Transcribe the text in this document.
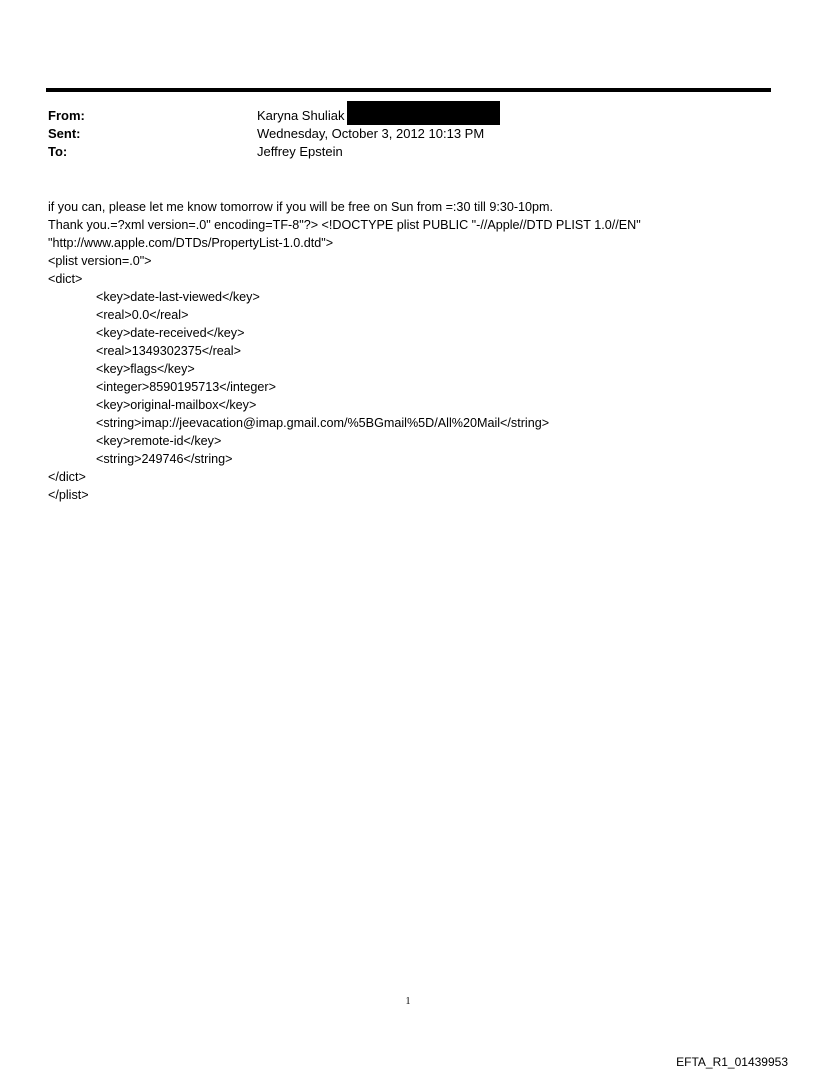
From:	Karyna Shuliak
Sent:	Wednesday, October 3, 2012 10:13 PM
To:	Jeffrey Epstein
if you can, please let me know tomorrow if you will be free on Sun from =:30 till 9:30-10pm.
Thank you.=?xml version=.0" encoding=TF-8"?> <!DOCTYPE plist PUBLIC "-//Apple//DTD PLIST 1.0//EN"
"http://www.apple.com/DTDs/PropertyList-1.0.dtd">
<plist version=.0">
<dict>
<key>date-last-viewed</key>
<real>0.0</real>
<key>date-received</key>
<real>1349302375</real>
<key>flags</key>
<integer>8590195713</integer>
<key>original-mailbox</key>
<string>imap://jeevacation@imap.gmail.com/%5BGmail%5D/All%20Mail</string>
<key>remote-id</key>
<string>249746</string>
</dict>
</plist>
1
EFTA_R1_01439953
